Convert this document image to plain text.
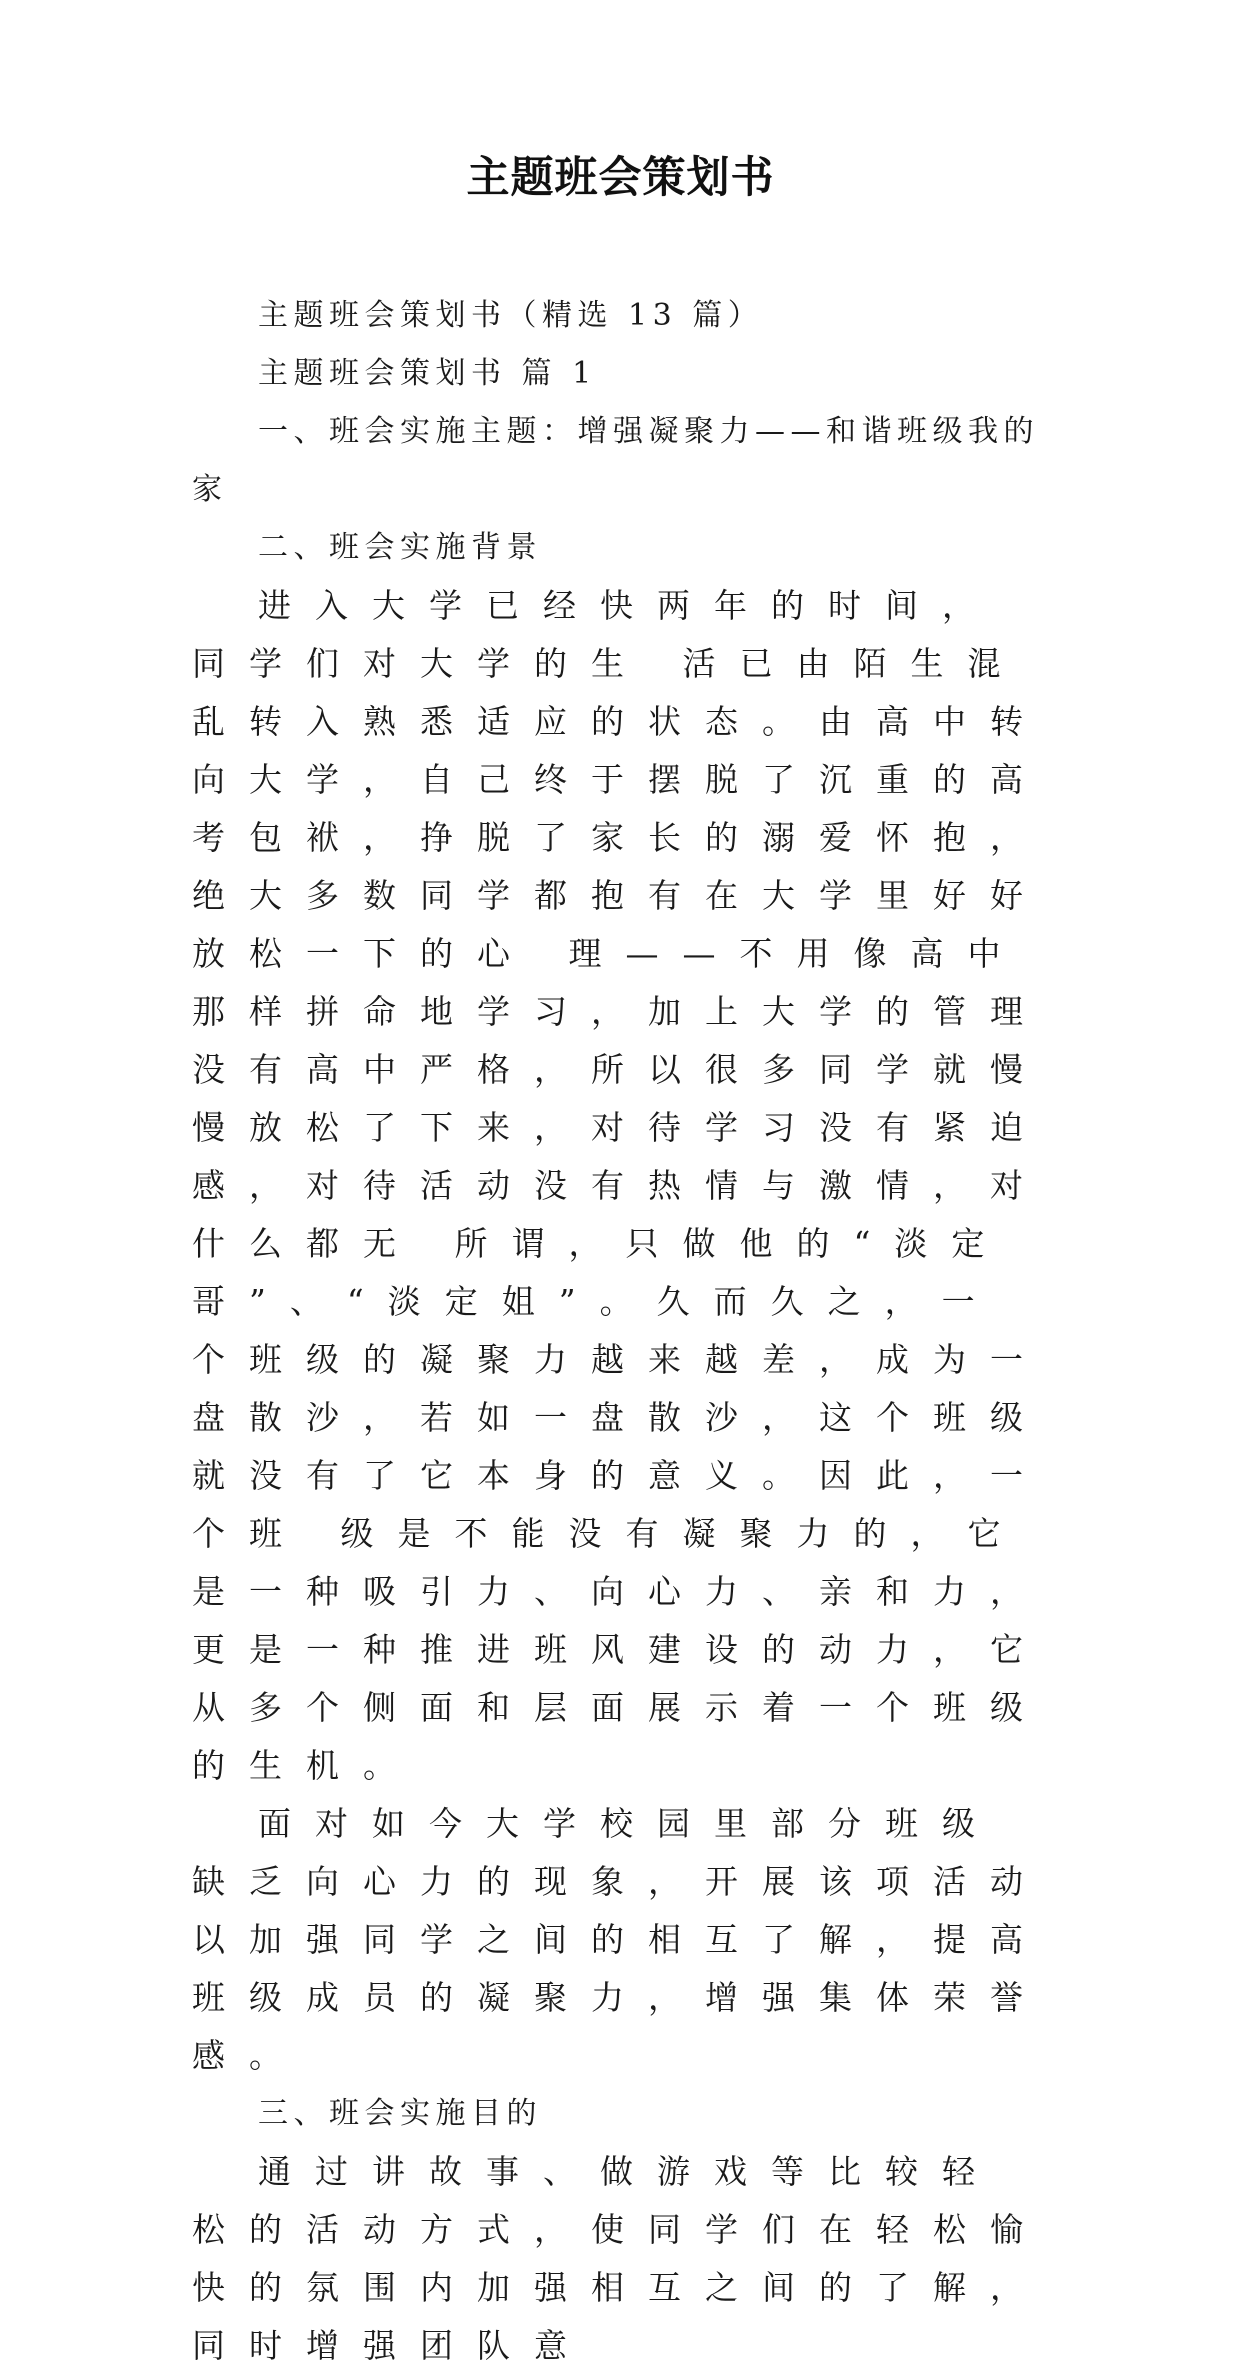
主题班会策划书

主题班会策划书（精选 13 篇）

主题班会策划书 篇 1

一、班会实施主题：增强凝聚力——和谐班级我的家

二、班会实施背景

进入大学已经快两年的时间，同学们对大学的生 活已由陌生混乱转入熟悉适应的状态。由高中转向大学，自己终于摆脱了沉重的高考包袱，挣脱了家长的溺爱怀抱，绝大多数同学都抱有在大学里好好放松一下的心 理——不用像高中那样拼命地学习，加上大学的管理没有高中严格，所以很多同学就慢慢放松了下来，对待学习没有紧迫感，对待活动没有热情与激情，对什么都无 所谓，只做他的“淡定哥”、“淡定姐”。久而久之，一个班级的凝聚力越来越差，成为一盘散沙，若如一盘散沙，这个班级就没有了它本身的意义。因此，一个班 级是不能没有凝聚力的，它是一种吸引力、向心力、亲和力，更是一种推进班风建设的动力，它从多个侧面和层面展示着一个班级的生机。

面对如今大学校园里部分班级缺乏向心力的现象，开展该项活动以加强同学之间的相互了解，提高班级成员的凝聚力，增强集体荣誉感。

三、班会实施目的

通过讲故事、做游戏等比较轻松的活动方式，使同学们在轻松愉快的氛围内加强相互之间的了解，同时增强团队意
